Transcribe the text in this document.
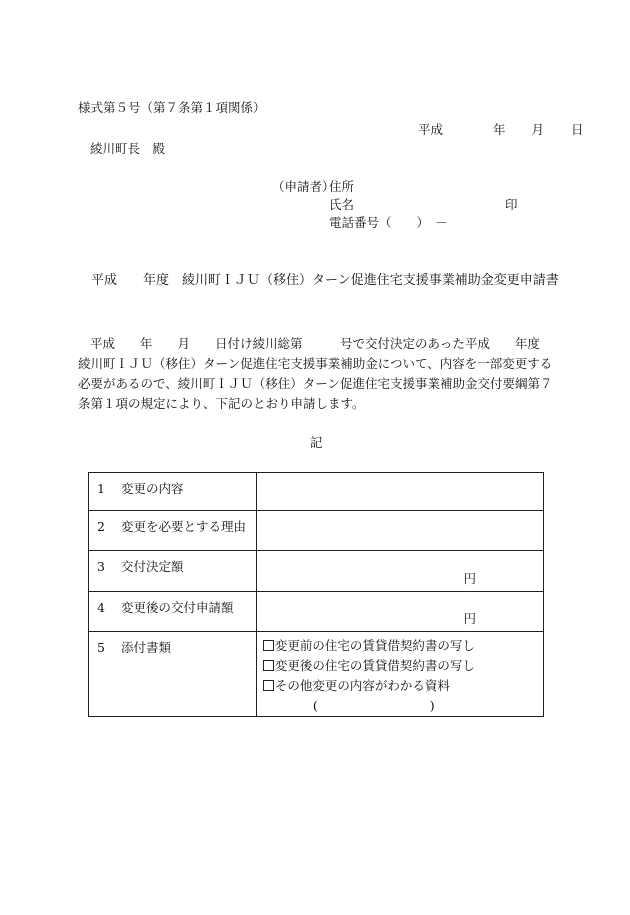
様式第５号（第７条第１項関係）
平成	年 月 日
綾川町長　殿
（申請者）
住所
氏名	印
電話番号（　　）　－
平成　　年度　綾川町ＩＪＵ（移住）ターン促進住宅支援事業補助金変更申請書
平成　　年　　月　　日付け綾川総第　　　号で交付決定のあった平成　　年度
綾川町ＩＪＵ（移住）ターン促進住宅支援事業補助金について、内容を一部変更する
必要があるので、綾川町ＩＪＵ（移住）ターン促進住宅支援事業補助金交付要綱第７
条第１項の規定により、下記のとおり申請します。
記
1 変更の内容	

2 変更を必要とする理由	

3 交付決定額	円

4 変更後の交付申請額	円

5 添付書類	変更前の住宅の賃貸借契約書の写し
変更後の住宅の賃貸借契約書の写し
その他変更の内容がわかる資料
( )
